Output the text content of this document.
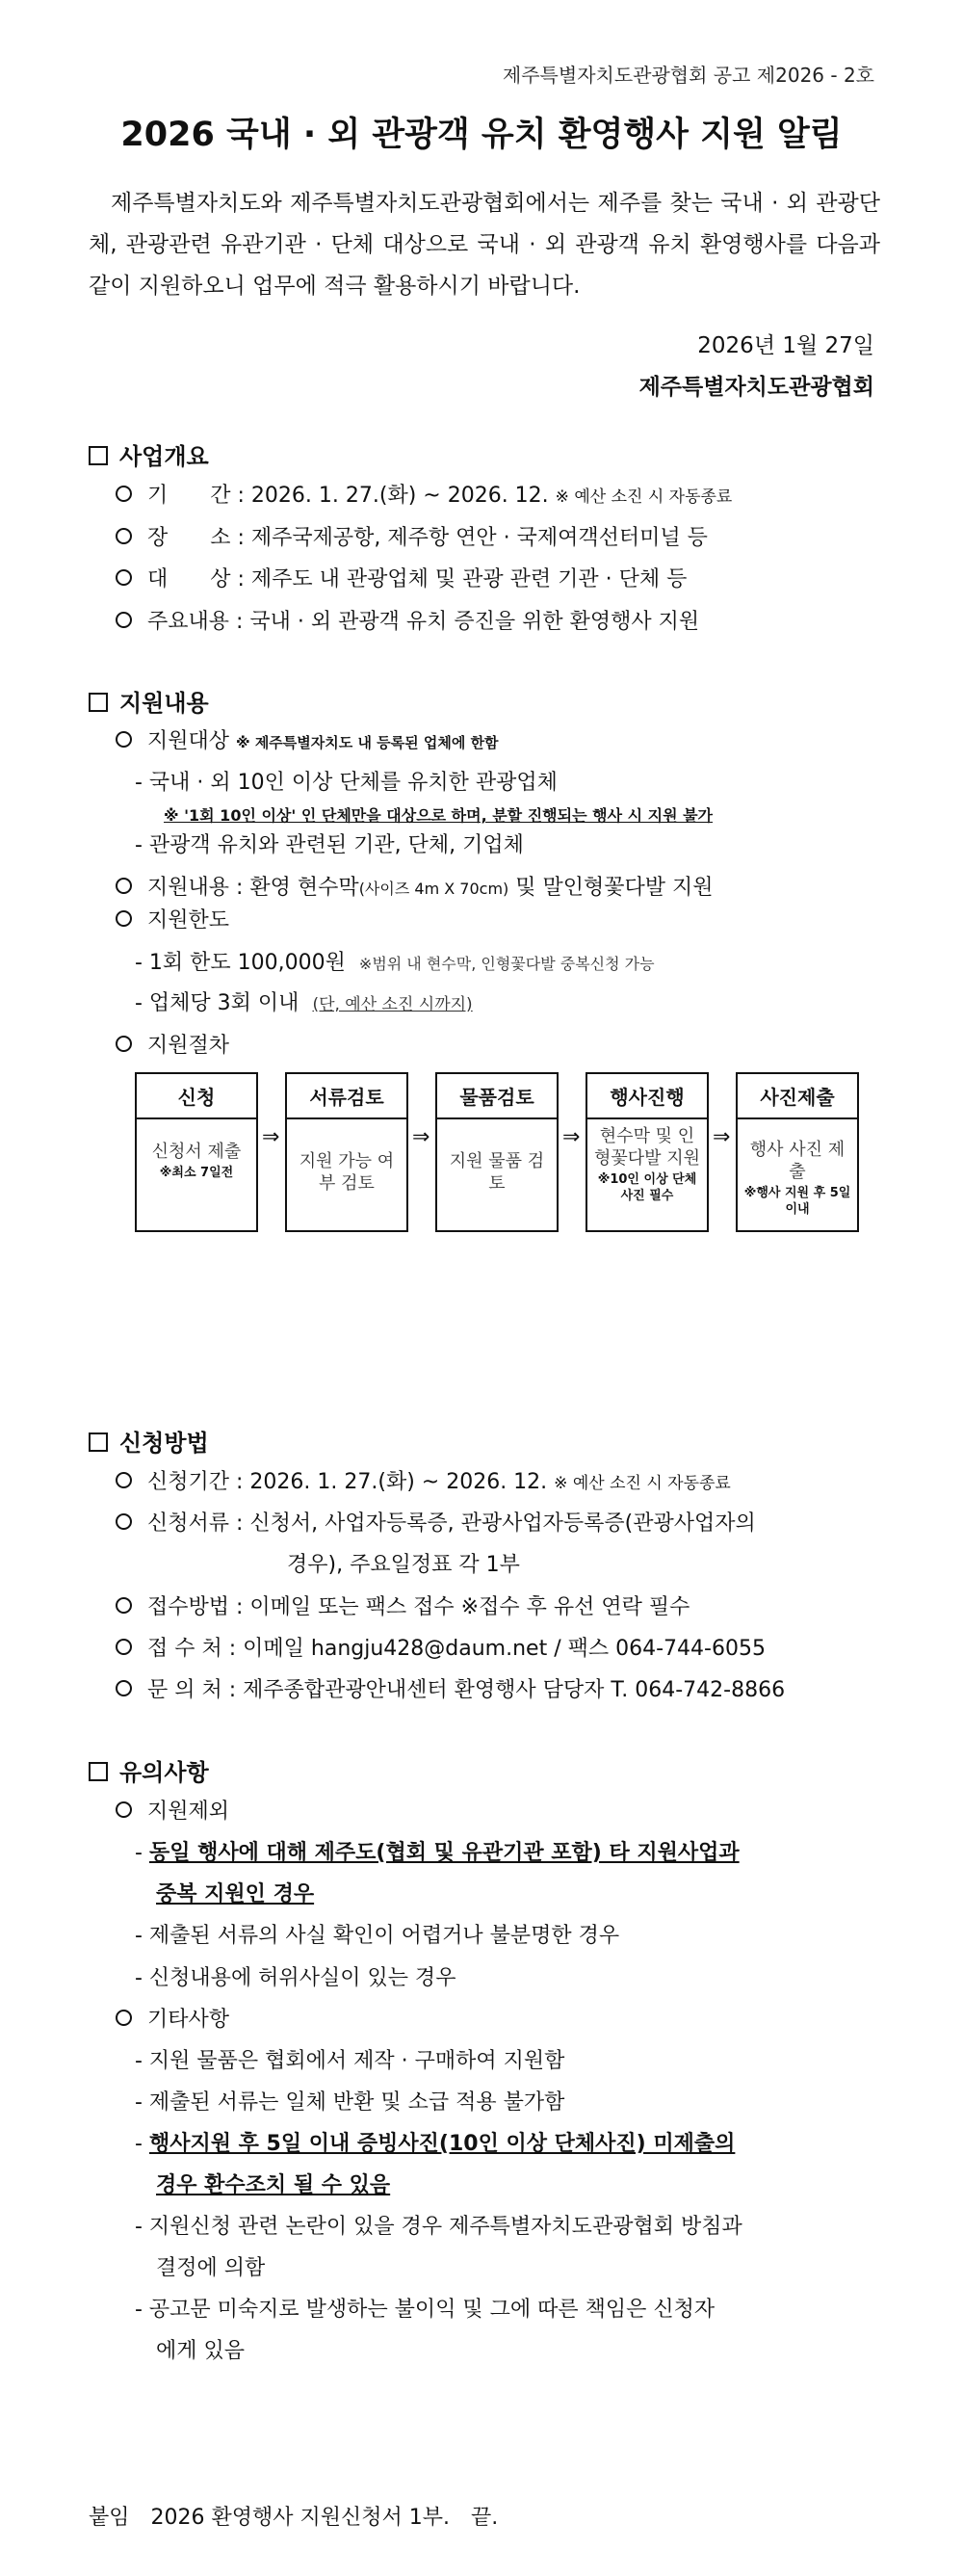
제주특별자치도관광협회 공고 제2026 - 2호
2026 국내 · 외 관광객 유치 환영행사 지원 알림
 제주특별자치도와 제주특별자치도관광협회에서는 제주를 찾는 국내 · 외 관광단체, 관광관련 유관기관 · 단체 대상으로 국내 · 외 관광객 유치 환영행사를 다음과 같이 지원하오니 업무에 적극 활용하시기 바랍니다.
2026년 1월 27일
제주특별자치도관광협회
사업개요
기　　간 : 2026. 1. 27.(화) ~ 2026. 12. ※ 예산 소진 시 자동종료
장　　소 : 제주국제공항, 제주항 연안 · 국제여객선터미널 등
대　　상 : 제주도 내 관광업체 및 관광 관련 기관 · 단체 등
주요내용 : 국내 · 외 관광객 유치 증진을 위한 환영행사 지원
지원내용
지원대상 ※ 제주특별자치도 내 등록된 업체에 한함
- 국내 · 외 10인 이상 단체를 유치한 관광업체
※ '1회 10인 이상' 인 단체만을 대상으로 하며, 분할 진행되는 행사 시 지원 불가
- 관광객 유치와 관련된 기관, 단체, 기업체
지원내용 : 환영 현수막(사이즈 4m X 70cm) 및 말인형꽃다발 지원
지원한도
- 1회 한도 100,000원 ※범위 내 현수막, 인형꽃다발 중복신청 가능
- 업체당 3회 이내 (단, 예산 소진 시까지)
지원절차
신청
신청서 제출
※최소 7일전
⇒
서류검토
지원 가능 여부 검토
⇒
물품검토
지원 물품 검토
⇒
행사진행
현수막 및 인형꽃다발 지원
※10인 이상 단체사진 필수
⇒
사진제출
행사 사진 제출
※행사 지원 후 5일 이내
신청방법
신청기간 : 2026. 1. 27.(화) ~ 2026. 12. ※ 예산 소진 시 자동종료
신청서류 : 신청서, 사업자등록증, 관광사업자등록증(관광사업자의
경우), 주요일정표 각 1부
접수방법 : 이메일 또는 팩스 접수 ※접수 후 유선 연락 필수
접 수 처 : 이메일 hangju428@daum.net / 팩스 064-744-6055
문 의 처 : 제주종합관광안내센터 환영행사 담당자 T. 064-742-8866
유의사항
지원제외
- 동일 행사에 대해 제주도(협회 및 유관기관 포함) 타 지원사업과
중복 지원인 경우
- 제출된 서류의 사실 확인이 어렵거나 불분명한 경우
- 신청내용에 허위사실이 있는 경우
기타사항
- 지원 물품은 협회에서 제작 · 구매하여 지원함
- 제출된 서류는 일체 반환 및 소급 적용 불가함
- 행사지원 후 5일 이내 증빙사진(10인 이상 단체사진) 미제출의
경우 환수조치 될 수 있음
- 지원신청 관련 논란이 있을 경우 제주특별자치도관광협회 방침과
결정에 의함
- 공고문 미숙지로 발생하는 불이익 및 그에 따른 책임은 신청자
에게 있음
붙임　2026 환영행사 지원신청서 1부.　끝.
